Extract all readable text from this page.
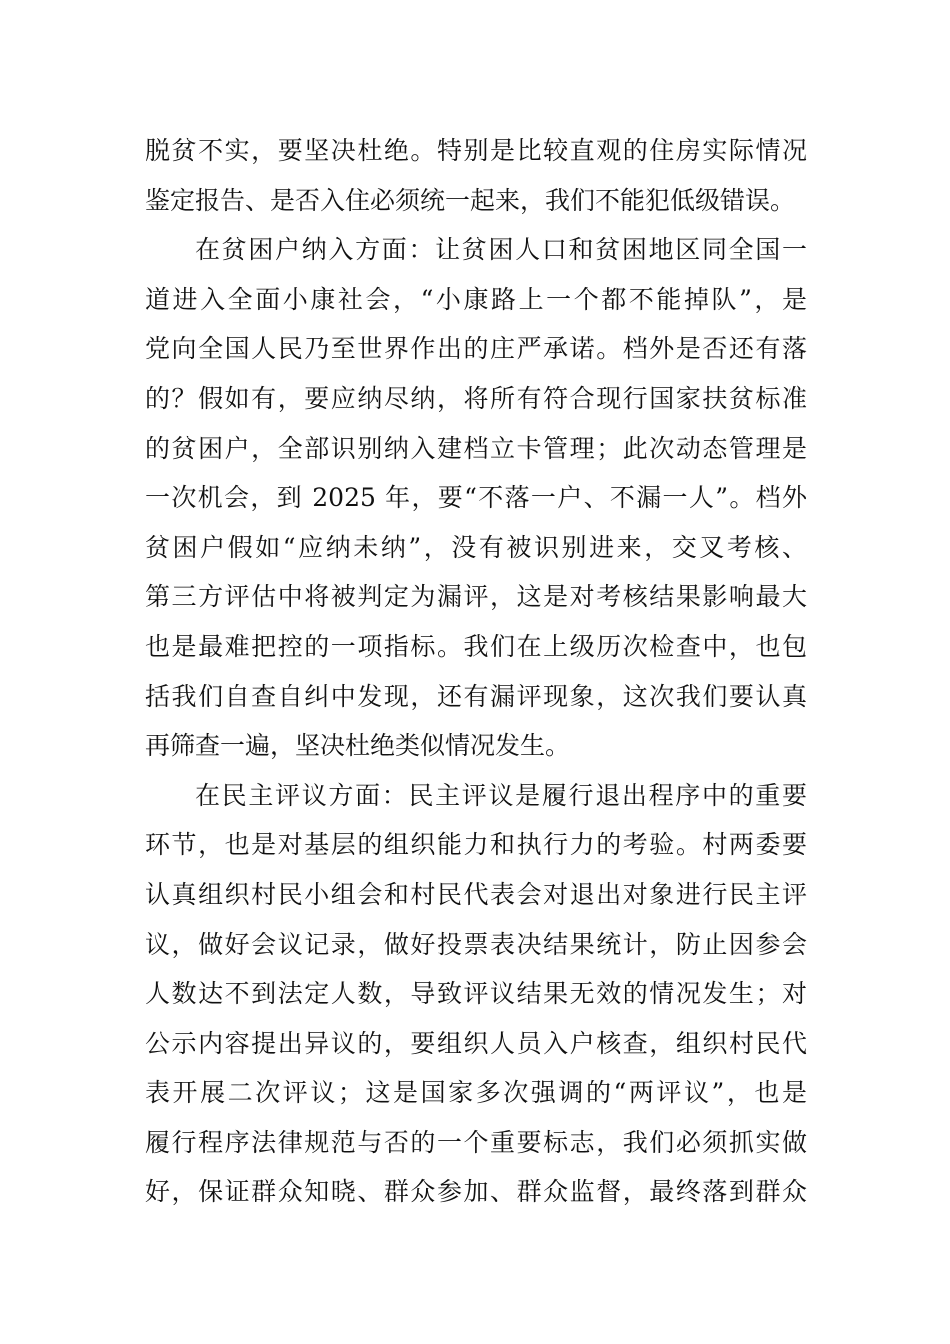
脱贫不实，要坚决杜绝。特别是比较直观的住房实际情况
鉴定报告、是否入住必须统一起来，我们不能犯低级错误。
在贫困户纳入方面：让贫困人口和贫困地区同全国一
道进入全面小康社会，“小康路上一个都不能掉队”，是
党向全国人民乃至世界作出的庄严承诺。档外是否还有落
的？假如有，要应纳尽纳，将所有符合现行国家扶贫标准
的贫困户，全部识别纳入建档立卡管理；此次动态管理是
一次机会，到 2025 年，要“不落一户、不漏一人”。档外
贫困户假如“应纳未纳”，没有被识别进来，交叉考核、
第三方评估中将被判定为漏评，这是对考核结果影响最大
也是最难把控的一项指标。我们在上级历次检查中，也包
括我们自查自纠中发现，还有漏评现象，这次我们要认真
再筛查一遍，坚决杜绝类似情况发生。
在民主评议方面：民主评议是履行退出程序中的重要
环节，也是对基层的组织能力和执行力的考验。村两委要
认真组织村民小组会和村民代表会对退出对象进行民主评
议，做好会议记录，做好投票表决结果统计，防止因参会
人数达不到法定人数，导致评议结果无效的情况发生；对
公示内容提出异议的，要组织人员入户核查，组织村民代
表开展二次评议；这是国家多次强调的“两评议”，也是
履行程序法律规范与否的一个重要标志，我们必须抓实做
好，保证群众知晓、群众参加、群众监督，最终落到群众
